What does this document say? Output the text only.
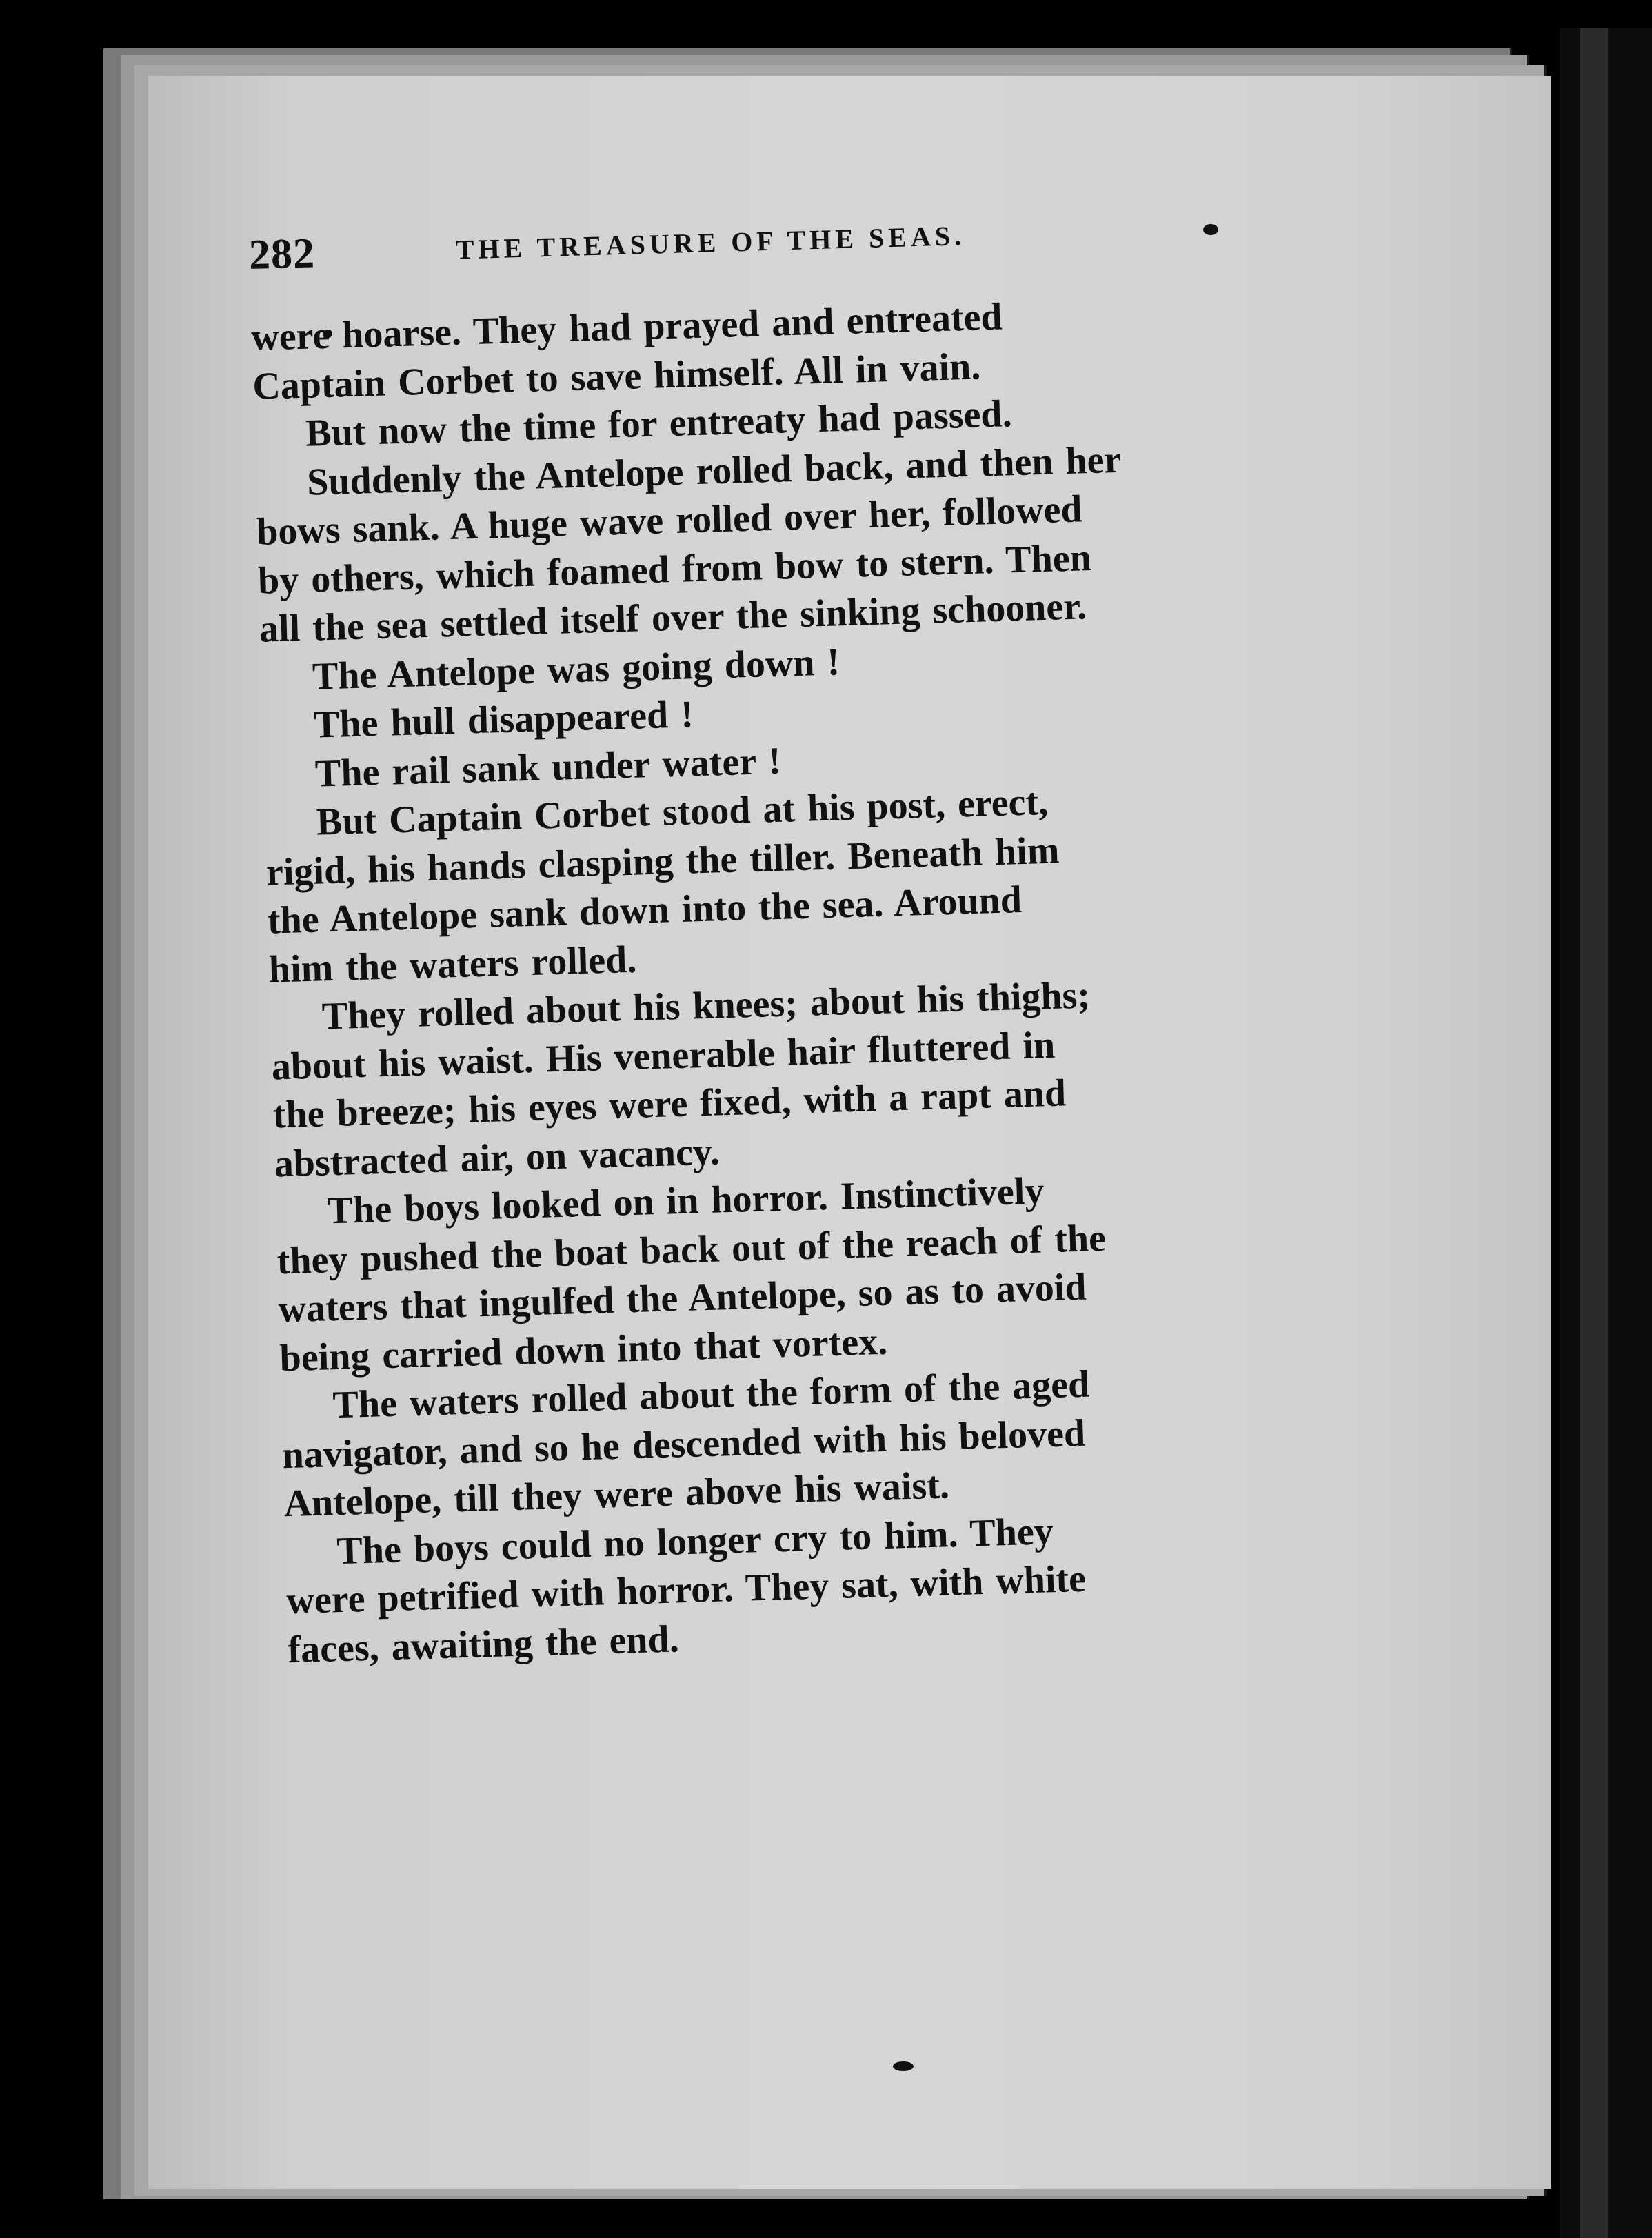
282	THE TREASURE OF THE SEAS.
were hoarse. They had prayed and entreated
Captain Corbet to save himself. All in vain.
But now the time for entreaty had passed.
Suddenly the Antelope rolled back, and then her
bows sank. A huge wave rolled over her, followed
by others, which foamed from bow to stern. Then
all the sea settled itself over the sinking schooner.
The Antelope was going down !
The hull disappeared !
The rail sank under water !
But Captain Corbet stood at his post, erect,
rigid, his hands clasping the tiller. Beneath him
the Antelope sank down into the sea. Around
him the waters rolled.
They rolled about his knees; about his thighs;
about his waist. His venerable hair fluttered in
the breeze; his eyes were fixed, with a rapt and
abstracted air, on vacancy.
The boys looked on in horror. Instinctively
they pushed the boat back out of the reach of the
waters that ingulfed the Antelope, so as to avoid
being carried down into that vortex.
The waters rolled about the form of the aged
navigator, and so he descended with his beloved
Antelope, till they were above his waist.
The boys could no longer cry to him. They
were petrified with horror. They sat, with white
faces, awaiting the end.
